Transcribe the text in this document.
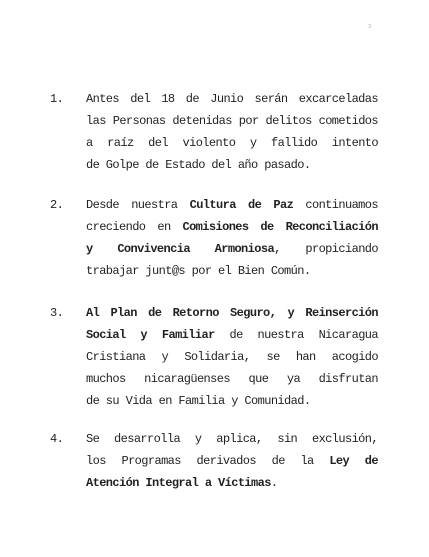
3
1. Antes del 18 de Junio serán excarceladas
las Personas detenidas por delitos cometidos
a raíz del violento y fallido intento
de Golpe de Estado del año pasado.
2. Desde nuestra Cultura de Paz continuamos
creciendo en Comisiones de Reconciliación
y Convivencia Armoniosa, propiciando
trabajar junt@s por el Bien Común.
3. Al Plan de Retorno Seguro, y Reinserción
Social y Familiar de nuestra Nicaragua
Cristiana y Solidaria, se han acogido
muchos nicaragüenses que ya disfrutan
de su Vida en Familia y Comunidad.
4. Se desarrolla y aplica, sin exclusión,
los Programas derivados de la Ley de
Atención Integral a Víctimas.
